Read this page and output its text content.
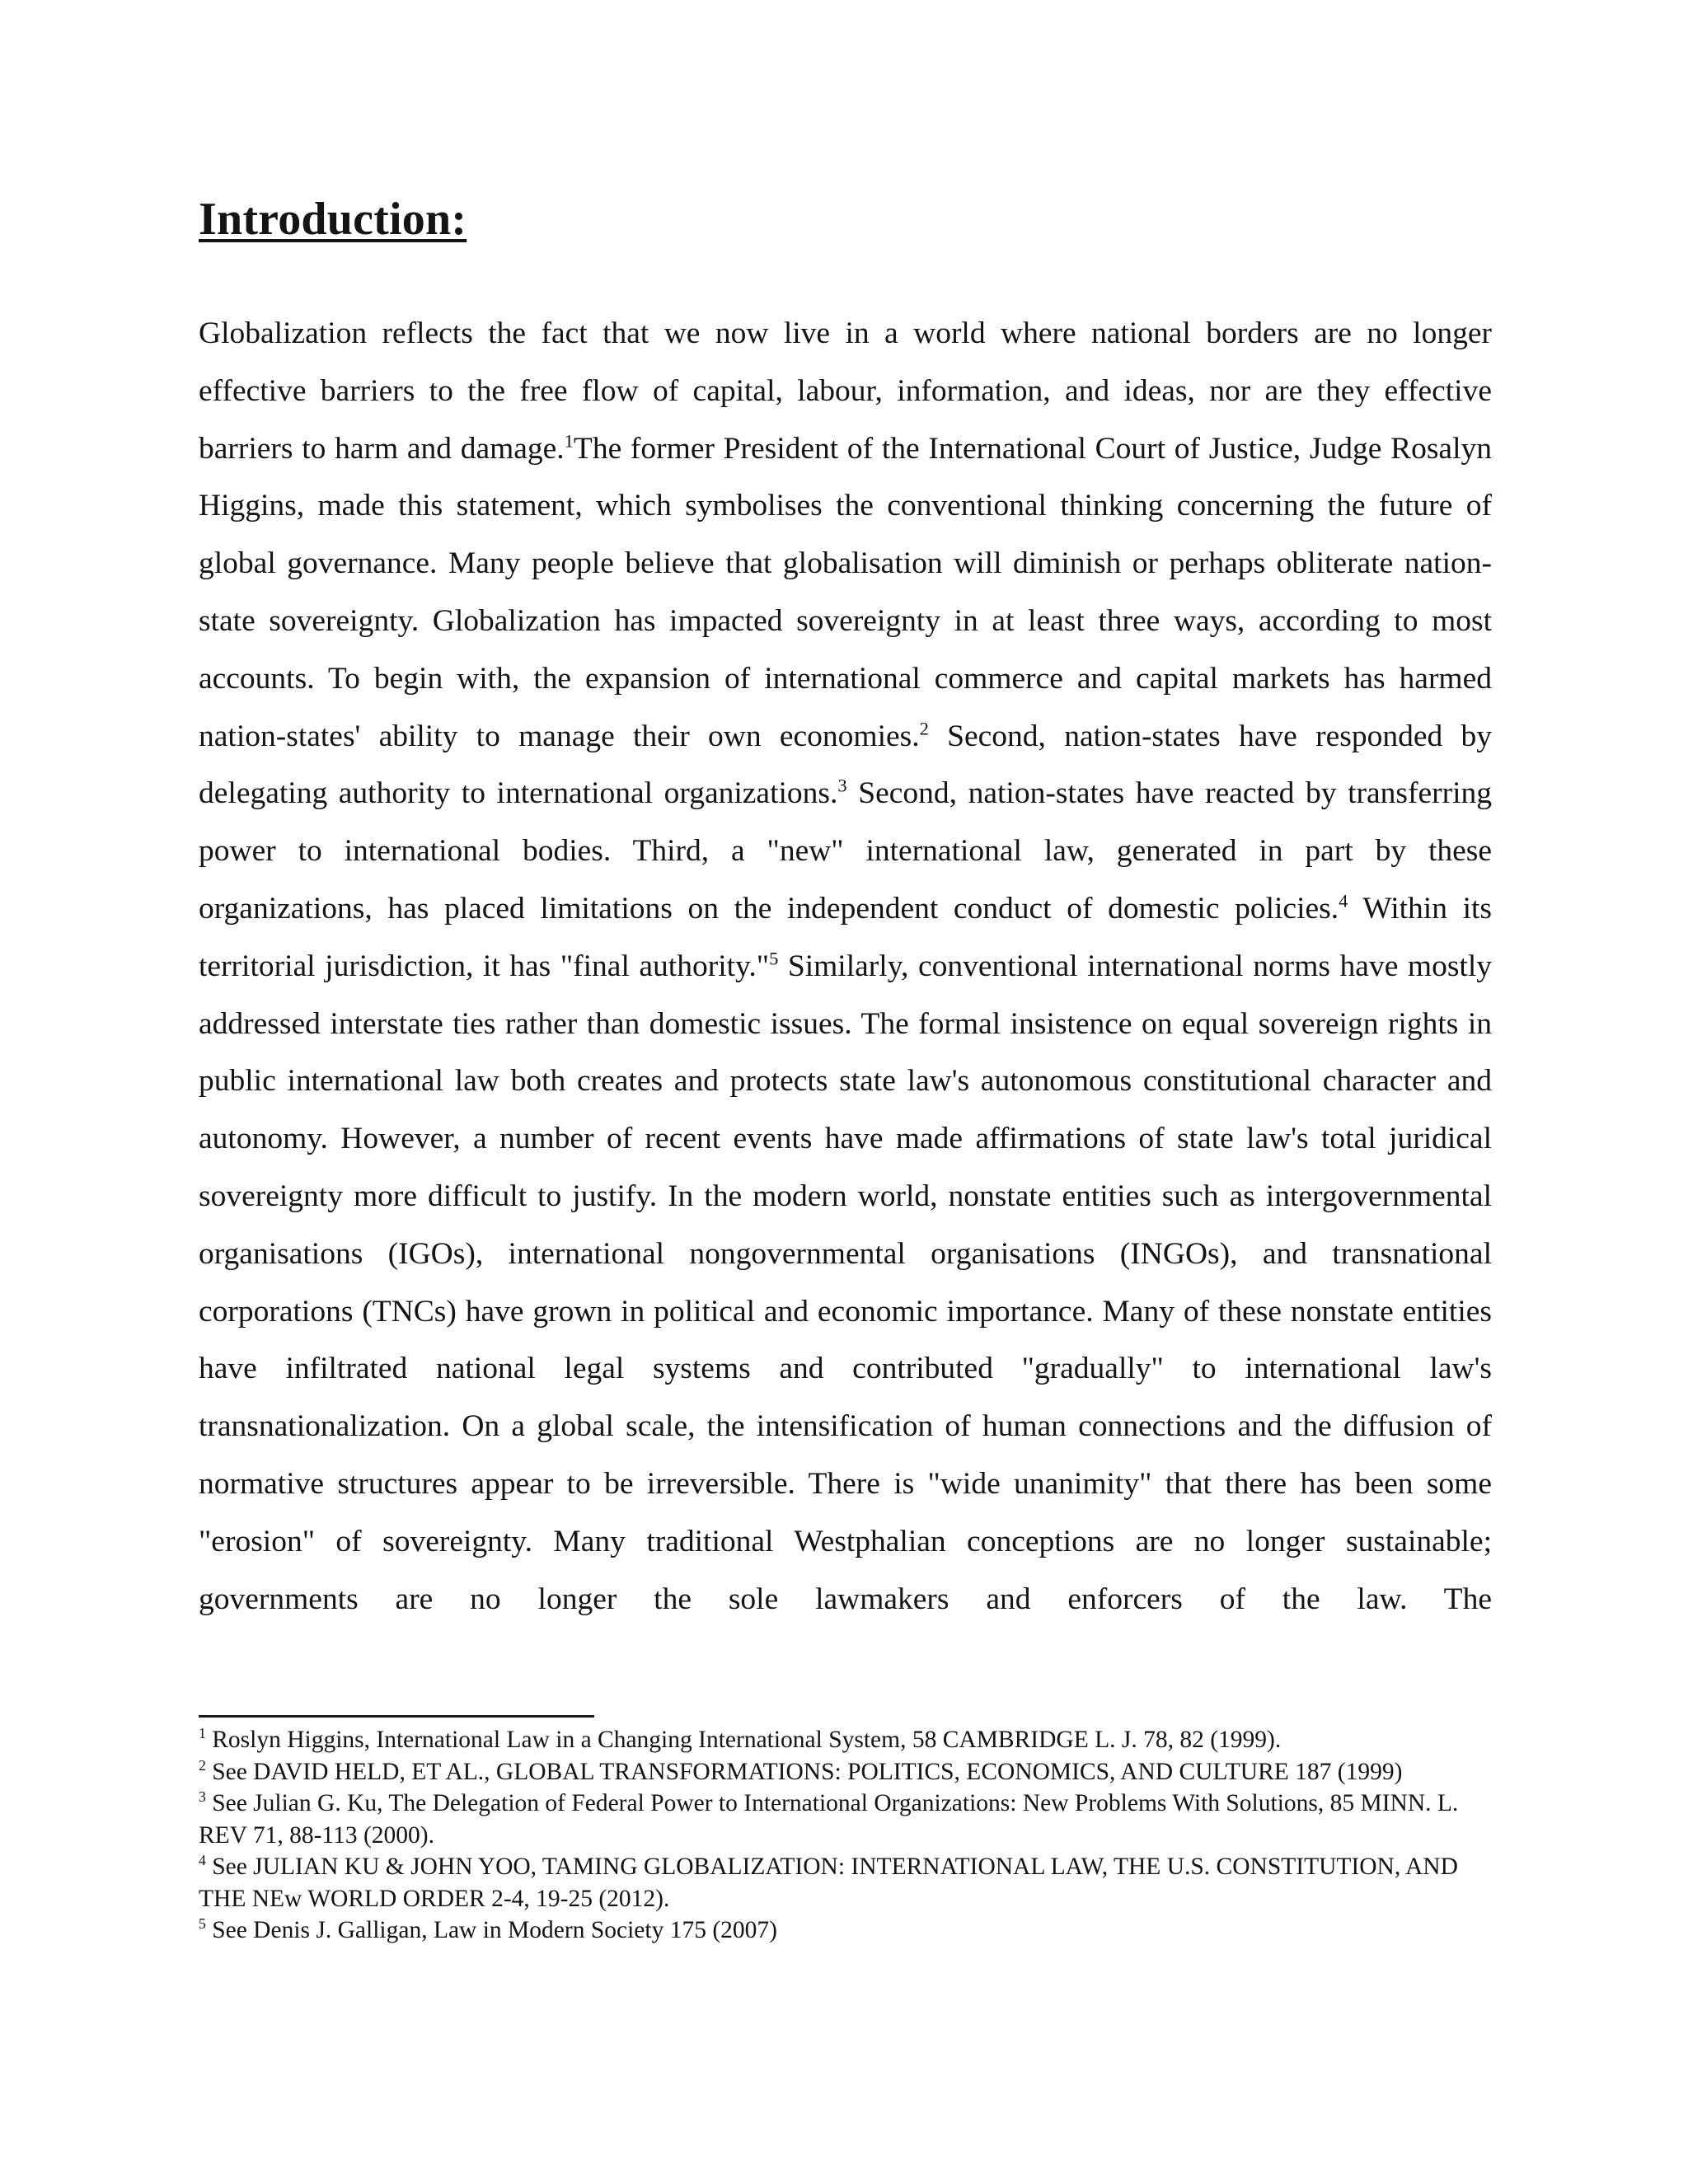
Introduction:

Globalization reflects the fact that we now live in a world where national borders are no longer effective barriers to the free flow of capital, labour, information, and ideas, nor are they effective barriers to harm and damage.$^1$The former President of the International Court of Justice, Judge Rosalyn Higgins, made this statement, which symbolises the conventional thinking concerning the future of global governance. Many people believe that globalisation will diminish or perhaps obliterate nation-state sovereignty. Globalization has impacted sovereignty in at least three ways, according to most accounts. To begin with, the expansion of international commerce and capital markets has harmed nation-states' ability to manage their own economies.$^2$ Second, nation-states have responded by delegating authority to international organizations.$^3$ Second, nation-states have reacted by transferring power to international bodies. Third, a "new" international law, generated in part by these organizations, has placed limitations on the independent conduct of domestic policies.$^4$ Within its territorial jurisdiction, it has "final authority."$^5$ Similarly, conventional international norms have mostly addressed interstate ties rather than domestic issues. The formal insistence on equal sovereign rights in public international law both creates and protects state law's autonomous constitutional character and autonomy. However, a number of recent events have made affirmations of state law's total juridical sovereignty more difficult to justify. In the modern world, nonstate entities such as intergovernmental organisations (IGOs), international nongovernmental organisations (INGOs), and transnational corporations (TNCs) have grown in political and economic importance. Many of these nonstate entities have infiltrated national legal systems and contributed "gradually" to international law's transnationalization. On a global scale, the intensification of human connections and the diffusion of normative structures appear to be irreversible. There is "wide unanimity" that there has been some "erosion" of sovereignty. Many traditional Westphalian conceptions are no longer sustainable; governments are no longer the sole lawmakers and enforcers of the law. The

$^1$ Roslyn Higgins, International Law in a Changing International System, 58 CAMBRIDGE L. J. 78, 82 (1999).

$^2$ See DAVID HELD, ET AL., GLOBAL TRANSFORMATIONS: POLITICS, ECONOMICS, AND CULTURE 187 (1999)

$^3$ See Julian G. Ku, The Delegation of Federal Power to International Organizations: New Problems With Solutions, 85 MINN. L. REV 71, 88-113 (2000).

$^4$ See JULIAN KU & JOHN YOO, TAMING GLOBALIZATION: INTERNATIONAL LAW, THE U.S. CONSTITUTION, AND THE NEw WORLD ORDER 2-4, 19-25 (2012).

$^5$ See Denis J. Galligan, Law in Modern Society 175 (2007)
